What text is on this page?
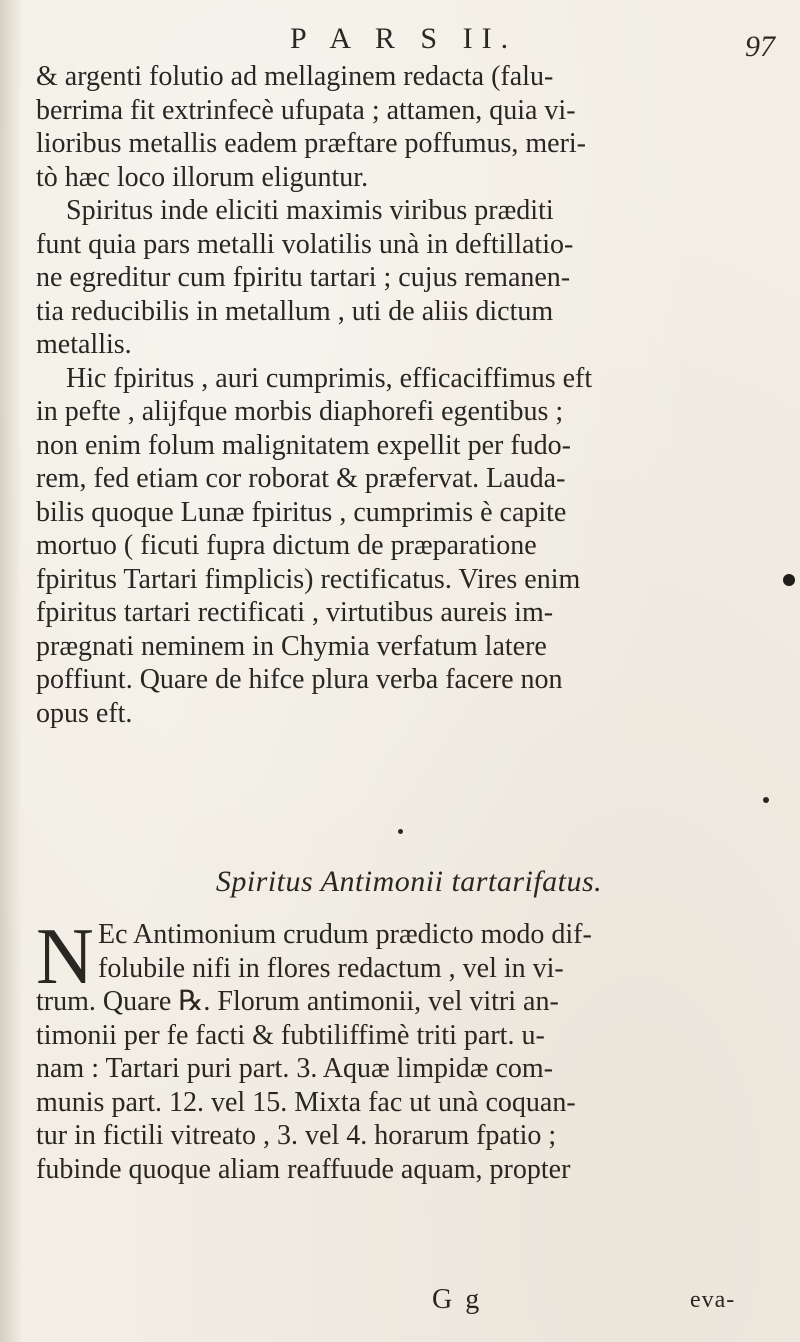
P A R S II.	97
& argenti folutio ad mellaginem redacta (falu-
berrima fit extrinfecè ufupata ; attamen, quia vi-
lioribus metallis eadem præftare poffumus, meri-
tò hæc loco illorum eliguntur.
Spiritus inde eliciti maximis viribus præditi
funt quia pars metalli volatilis unà in deftillatio-
ne egreditur cum fpiritu tartari ; cujus remanen-
tia reducibilis in metallum , uti de aliis dictum
metallis.
Hic fpiritus , auri cumprimis, efficaciffimus eft
in pefte , alijfque morbis diaphorefi egentibus ;
non enim folum malignitatem expellit per fudo-
rem, fed etiam cor roborat & præfervat. Lauda-
bilis quoque Lunæ fpiritus , cumprimis è capite
mortuo ( ficuti fupra dictum de præparatione
fpiritus Tartari fimplicis) rectificatus. Vires enim
fpiritus tartari rectificati , virtutibus aureis im-
prægnati neminem in Chymia verfatum latere
poffiunt. Quare de hifce plura verba facere non
opus eft.
Spiritus Antimonii tartarifatus.
N Ec Antimonium crudum prædicto modo dif-
folubile nifi in flores redactum , vel in vi-
trum. Quare ℞. Florum antimonii, vel vitri an-
timonii per fe facti & fubtiliffimè triti part. u-
nam : Tartari puri part. 3. Aquæ limpidæ com-
munis part. 12. vel 15. Mixta fac ut unà coquan-
tur in fictili vitreato , 3. vel 4. horarum fpatio ;
fubinde quoque aliam reaffuude aquam, propter
G g	eva-
